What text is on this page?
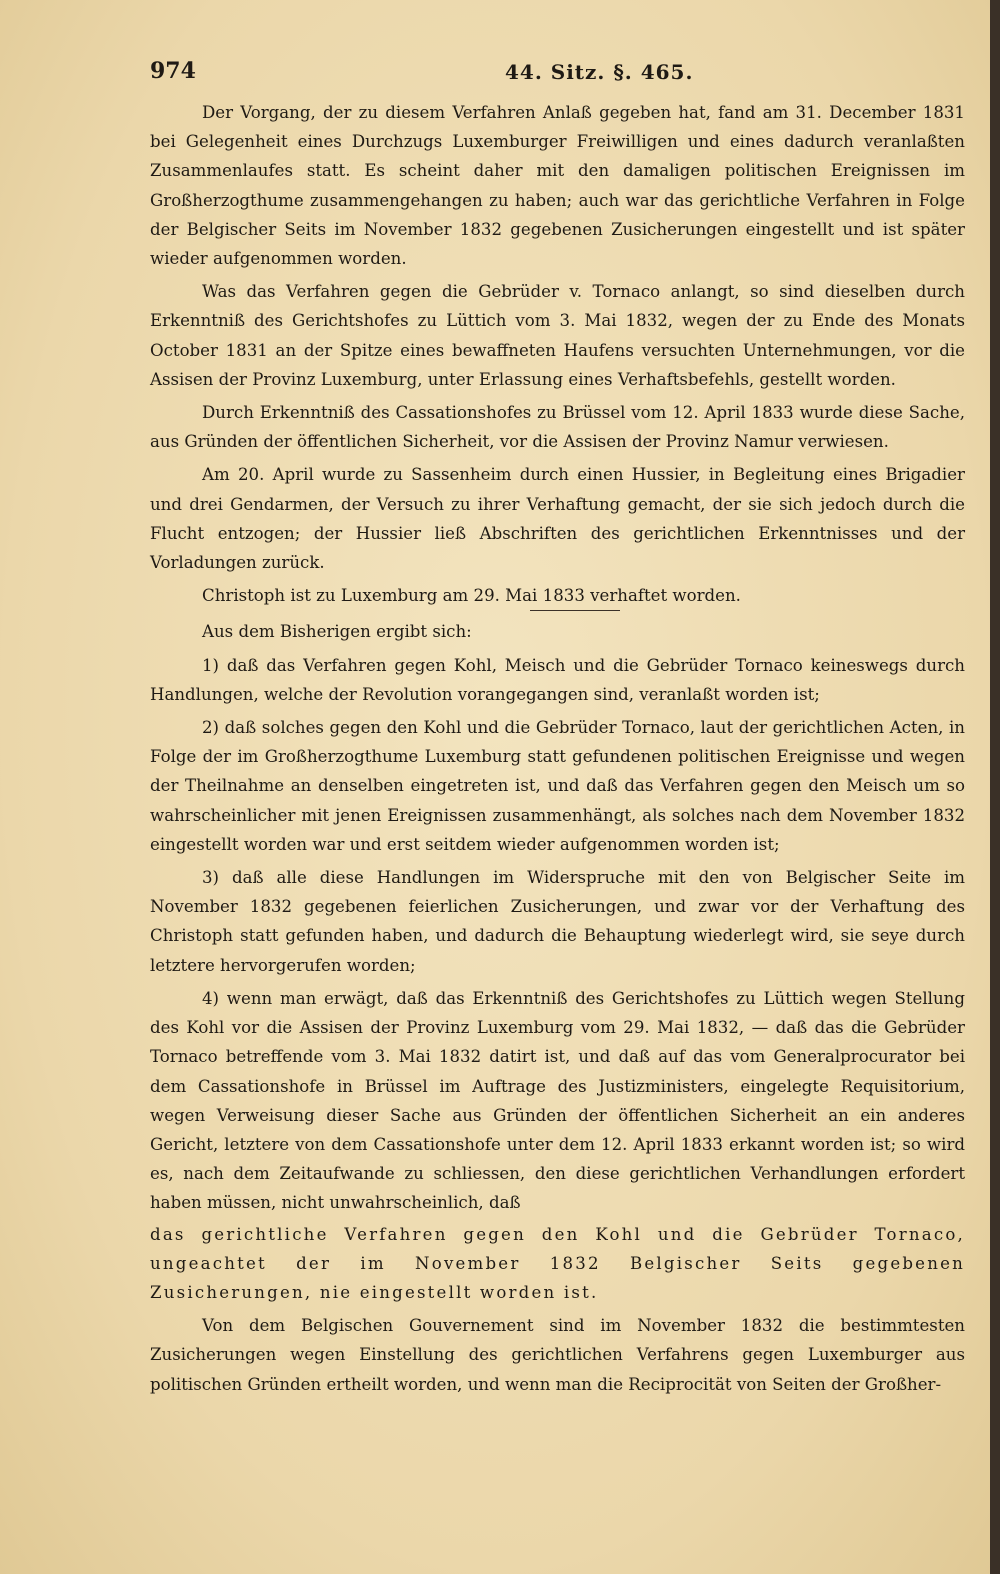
974	44. Sitz. §. 465.

Der Vorgang, der zu diesem Verfahren Anlaß gegeben hat, fand am 31. December 1831 bei Gelegenheit eines Durchzugs Luxemburger Freiwilligen und eines dadurch veranlaßten Zusammenlaufes statt. Es scheint daher mit den damaligen politischen Ereignissen im Großherzogthume zusammengehangen zu haben; auch war das gerichtliche Verfahren in Folge der Belgischer Seits im November 1832 gegebenen Zusicherungen eingestellt und ist später wieder aufgenommen worden.

Was das Verfahren gegen die Gebrüder v. Tornaco anlangt, so sind dieselben durch Erkenntniß des Gerichtshofes zu Lüttich vom 3. Mai 1832, wegen der zu Ende des Monats October 1831 an der Spitze eines bewaffneten Haufens versuchten Unternehmungen, vor die Assisen der Provinz Luxemburg, unter Erlassung eines Verhaftsbefehls, gestellt worden.

Durch Erkenntniß des Cassationshofes zu Brüssel vom 12. April 1833 wurde diese Sache, aus Gründen der öffentlichen Sicherheit, vor die Assisen der Provinz Namur verwiesen.

Am 20. April wurde zu Sassenheim durch einen Hussier, in Begleitung eines Brigadier und drei Gendarmen, der Versuch zu ihrer Verhaftung gemacht, der sie sich jedoch durch die Flucht entzogen; der Hussier ließ Abschriften des gerichtlichen Erkenntnisses und der Vorladungen zurück.

Christoph ist zu Luxemburg am 29. Mai 1833 verhaftet worden.

Aus dem Bisherigen ergibt sich:

1) daß das Verfahren gegen Kohl, Meisch und die Gebrüder Tornaco keineswegs durch Handlungen, welche der Revolution vorangegangen sind, veranlaßt worden ist;

2) daß solches gegen den Kohl und die Gebrüder Tornaco, laut der gerichtlichen Acten, in Folge der im Großherzogthume Luxemburg statt gefundenen politischen Ereignisse und wegen der Theilnahme an denselben eingetreten ist, und daß das Verfahren gegen den Meisch um so wahrscheinlicher mit jenen Ereignissen zusammenhängt, als solches nach dem November 1832 eingestellt worden war und erst seitdem wieder aufgenommen worden ist;

3) daß alle diese Handlungen im Widerspruche mit den von Belgischer Seite im November 1832 gegebenen feierlichen Zusicherungen, und zwar vor der Verhaftung des Christoph statt gefunden haben, und dadurch die Behauptung wiederlegt wird, sie seye durch letztere hervorgerufen worden;

4) wenn man erwägt, daß das Erkenntniß des Gerichtshofes zu Lüttich wegen Stellung des Kohl vor die Assisen der Provinz Luxemburg vom 29. Mai 1832, — daß das die Gebrüder Tornaco betreffende vom 3. Mai 1832 datirt ist, und daß auf das vom Generalprocurator bei dem Cassationshofe in Brüssel im Auftrage des Justizministers, eingelegte Requisitorium, wegen Verweisung dieser Sache aus Gründen der öffentlichen Sicherheit an ein anderes Gericht, letztere von dem Cassationshofe unter dem 12. April 1833 erkannt worden ist; so wird es, nach dem Zeitaufwande zu schliessen, den diese gerichtlichen Verhandlungen erfordert haben müssen, nicht unwahrscheinlich, daß

das gerichtliche Verfahren gegen den Kohl und die Gebrüder Tornaco, ungeachtet der im November 1832 Belgischer Seits gegebenen Zusicherungen, nie eingestellt worden ist.

Von dem Belgischen Gouvernement sind im November 1832 die bestimmtesten Zusicherungen wegen Einstellung des gerichtlichen Verfahrens gegen Luxemburger aus politischen Gründen ertheilt worden, und wenn man die Reciprocität von Seiten der Großher-
